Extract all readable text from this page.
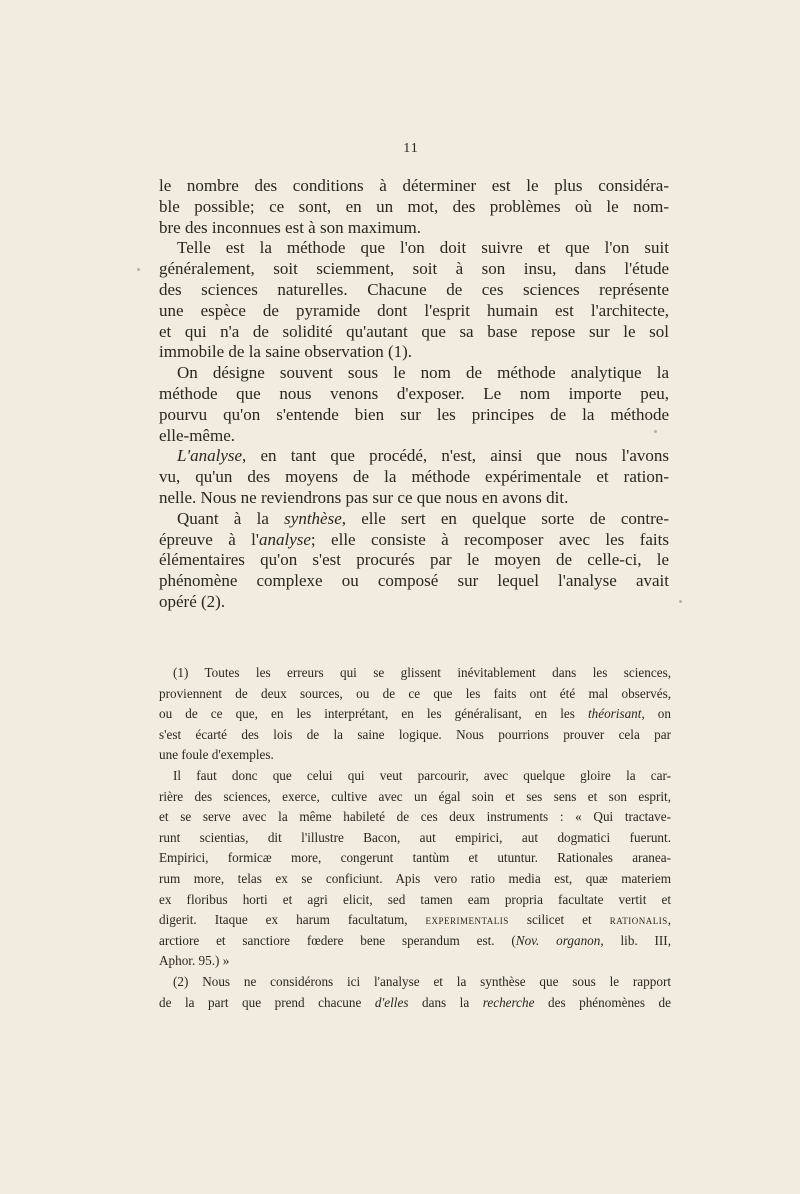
11

le nombre des conditions à déterminer est le plus considéra-
ble possible; ce sont, en un mot, des problèmes où le nom-
bre des inconnues est à son maximum.
Telle est la méthode que l'on doit suivre et que l'on suit
généralement, soit sciemment, soit à son insu, dans l'étude
des sciences naturelles. Chacune de ces sciences représente
une espèce de pyramide dont l'esprit humain est l'architecte,
et qui n'a de solidité qu'autant que sa base repose sur le sol
immobile de la saine observation (1).
On désigne souvent sous le nom de méthode analytique la
méthode que nous venons d'exposer. Le nom importe peu,
pourvu qu'on s'entende bien sur les principes de la méthode
elle-même.
L'analyse, en tant que procédé, n'est, ainsi que nous l'avons
vu, qu'un des moyens de la méthode expérimentale et ration-
nelle. Nous ne reviendrons pas sur ce que nous en avons dit.
Quant à la synthèse, elle sert en quelque sorte de contre-
épreuve à l'analyse; elle consiste à recomposer avec les faits
élémentaires qu'on s'est procurés par le moyen de celle-ci, le
phénomène complexe ou composé sur lequel l'analyse avait
opéré (2).

(1) Toutes les erreurs qui se glissent inévitablement dans les sciences,
proviennent de deux sources, ou de ce que les faits ont été mal observés,
ou de ce que, en les interprétant, en les généralisant, en les théorisant, on
s'est écarté des lois de la saine logique. Nous pourrions prouver cela par
une foule d'exemples.
Il faut donc que celui qui veut parcourir, avec quelque gloire la car-
rière des sciences, exerce, cultive avec un égal soin et ses sens et son esprit,
et se serve avec la même habileté de ces deux instruments : « Qui tractave-
runt scientias, dit l'illustre Bacon, aut empirici, aut dogmatici fuerunt.
Empirici, formicæ more, congerunt tantùm et utuntur. Rationales aranea-
rum more, telas ex se conficiunt. Apis vero ratio media est, quæ materiem
ex floribus horti et agri elicit, sed tamen eam propria facultate vertit et
digerit. Itaque ex harum facultatum, experimentalis scilicet et rationalis,
arctiore et sanctiore fœdere bene sperandum est. (Nov. organon, lib. III,
Aphor. 95.) »
(2) Nous ne considérons ici l'analyse et la synthèse que sous le rapport
de la part que prend chacune d'elles dans la recherche des phénomènes de
